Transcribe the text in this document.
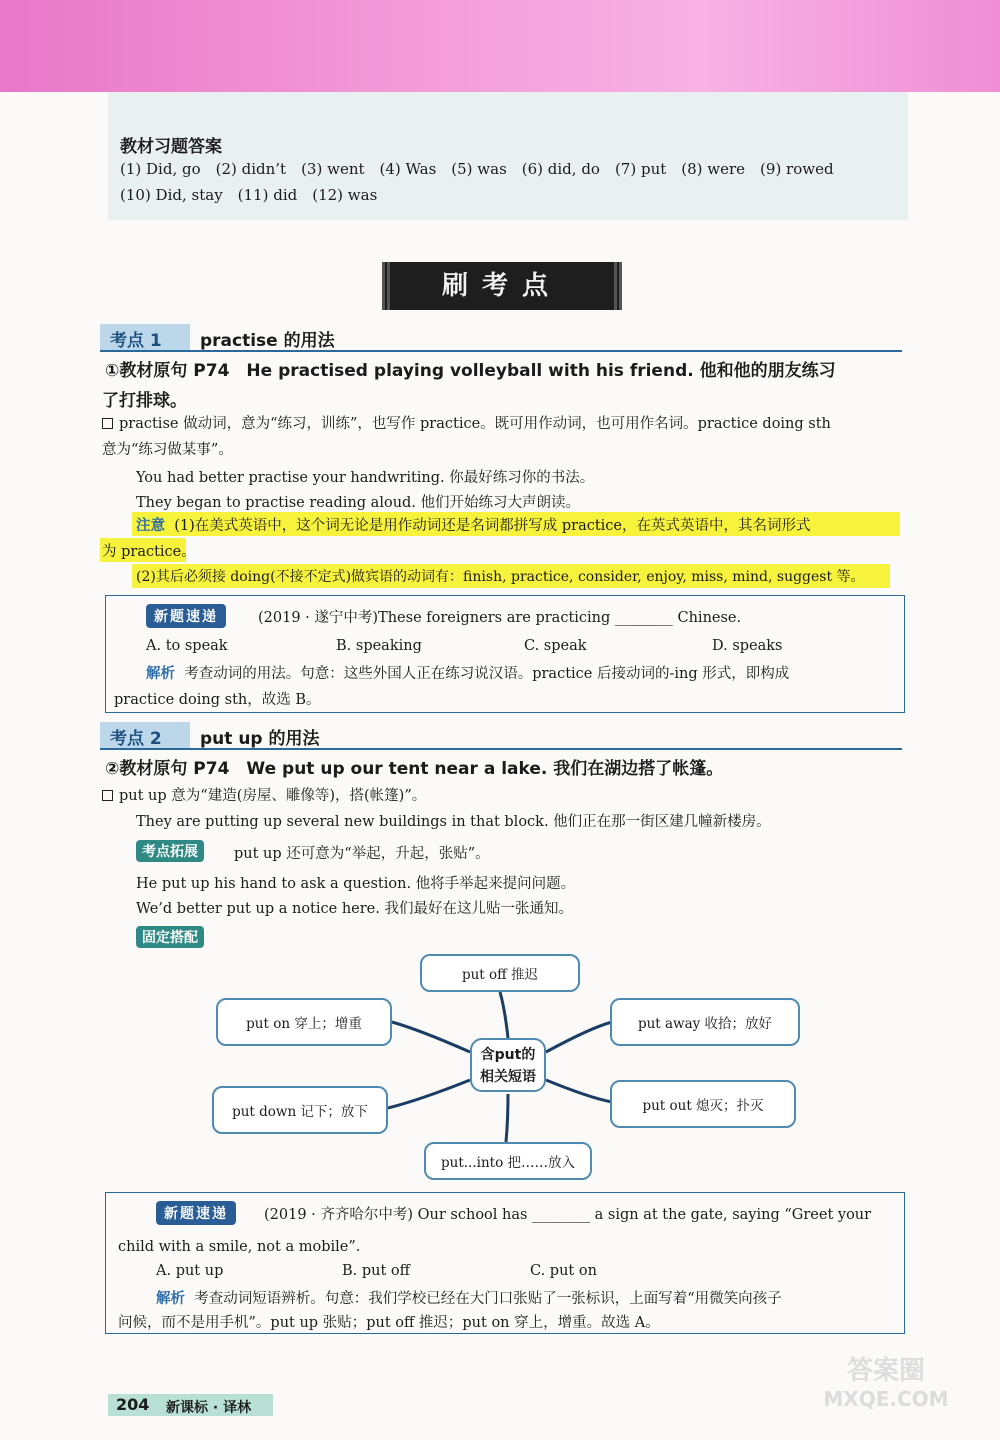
教材习题答案
(1) Did, go　(2) didn’t　(3) went　(4) Was　(5) was　(6) did, do　(7) put　(8) were　(9) rowed
(10) Did, stay　(11) did　(12) was
刷考点
考点 1 practise 的用法
①教材原句 P74　He practised playing volleyball with his friend. 他和他的朋友练习
了打排球。
practise 做动词，意为“练习，训练”，也写作 practice。既可用作动词，也可用作名词。practice doing sth
意为“练习做某事”。
You had better practise your handwriting. 你最好练习你的书法。
They began to practise reading aloud. 他们开始练习大声朗读。
注意 (1)在美式英语中，这个词无论是用作动词还是名词都拼写成 practice，在英式英语中，其名词形式
为 practice。
(2)其后必须接 doing(不接不定式)做宾语的动词有：finish, practice, consider, enjoy, miss, mind, suggest 等。
新题速递	(2019 · 遂宁中考)These foreigners are practicing ________ Chinese.
A. to speak	B. speaking	C. speak	D. speaks
解析 考查动词的用法。句意：这些外国人正在练习说汉语。practice 后接动词的-ing 形式，即构成
practice doing sth，故选 B。
考点 2 put up 的用法
②教材原句 P74　We put up our tent near a lake. 我们在湖边搭了帐篷。
put up 意为“建造(房屋、雕像等)，搭(帐篷)”。
They are putting up several new buildings in that block. 他们正在那一街区建几幢新楼房。
考点拓展	put up 还可意为“举起，升起，张贴”。
He put up his hand to ask a question. 他将手举起来提问问题。
We’d better put up a notice here. 我们最好在这儿贴一张通知。
固定搭配
含put的
相关短语
put off 推迟
put on 穿上；增重
put down 记下；放下
put away 收拾；放好
put out 熄灭；扑灭
put...into 把……放入
新题速递	(2019 · 齐齐哈尔中考) Our school has ________ a sign at the gate, saying “Greet your
child with a smile, not a mobile”.
A. put up	B. put off	C. put on
解析 考查动词短语辨析。句意：我们学校已经在大门口张贴了一张标识，上面写着“用微笑向孩子
问候，而不是用手机”。put up 张贴；put off 推迟；put on 穿上，增重。故选 A。
204 新课标 · 译林
答案圈
MXQE.COM
